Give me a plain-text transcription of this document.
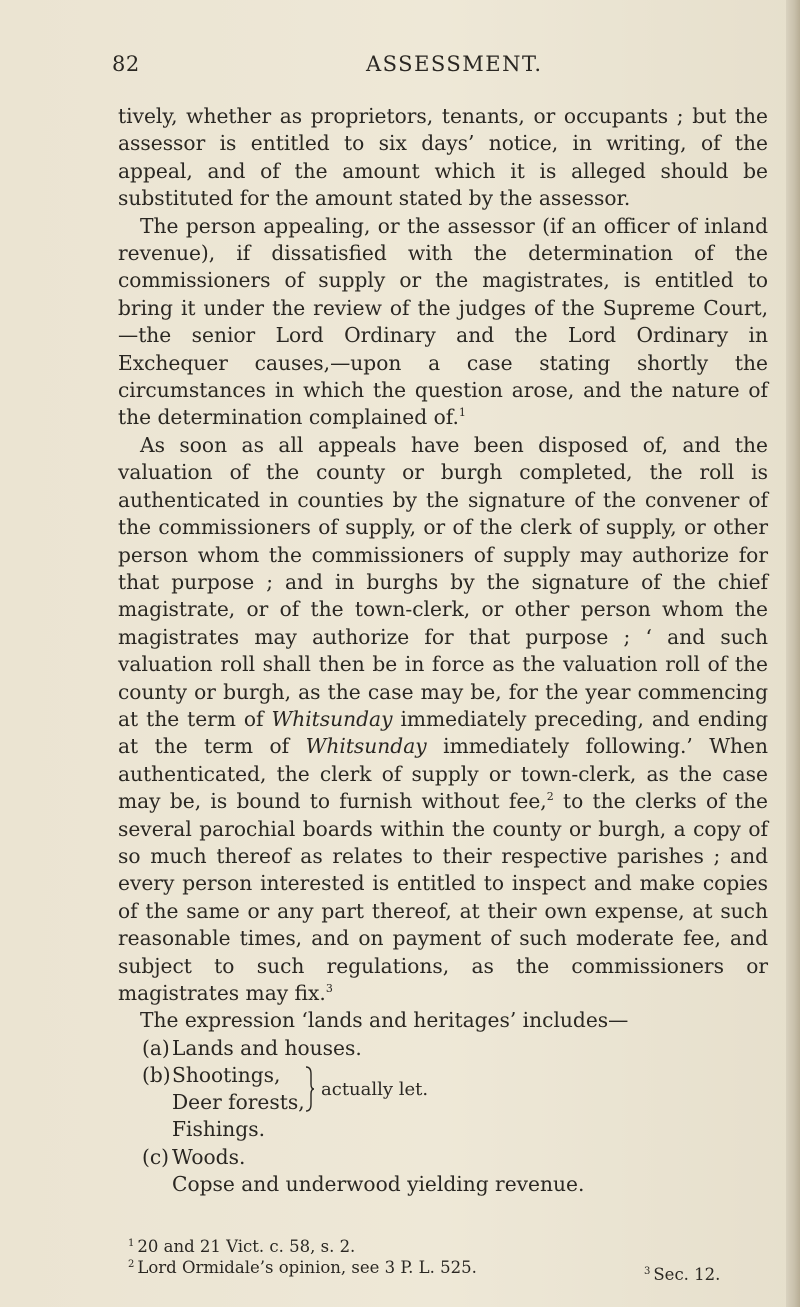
82	ASSESSMENT.

tively, whether as proprietors, tenants, or occupants ; but the assessor is entitled to six days’ notice, in writing, of the appeal, and of the amount which it is alleged should be substituted for the amount stated by the assessor.

The person appealing, or the assessor (if an officer of inland revenue), if dissatisfied with the determination of the commissioners of supply or the magistrates, is entitled to bring it under the review of the judges of the Supreme Court,—the senior Lord Ordinary and the Lord Ordinary in Exchequer causes,—upon a case stating shortly the circumstances in which the question arose, and the nature of the determination complained of.$^1$

As soon as all appeals have been disposed of, and the valuation of the county or burgh completed, the roll is authenticated in counties by the signature of the convener of the commissioners of supply, or of the clerk of supply, or other person whom the commissioners of supply may authorize for that purpose ; and in burghs by the signature of the chief magistrate, or of the town-clerk, or other person whom the magistrates may authorize for that purpose ; ‘ and such valuation roll shall then be in force as the valuation roll of the county or burgh, as the case may be, for the year commencing at the term of Whitsunday immediately preceding, and ending at the term of Whitsunday immediately following.’ When authenticated, the clerk of supply or town-clerk, as the case may be, is bound to furnish without fee,$^2$ to the clerks of the several parochial boards within the county or burgh, a copy of so much thereof as relates to their respective parishes ; and every person interested is entitled to inspect and make copies of the same or any part thereof, at their own expense, at such reasonable times, and on payment of such moderate fee, and subject to such regulations, as the commissioners or magistrates may fix.$^3$

The expression ‘lands and heritages’ includes—

(a) Lands and houses.

(b) Shootings,
Deer forests,
actually let.

Fishings.

(c) Woods.

Copse and underwood yielding revenue.

$^1$ 20 and 21 Vict. c. 58, s. 2.
$^2$ Lord Ormidale’s opinion, see 3 P. L. 525.	$^3$ Sec. 12.
